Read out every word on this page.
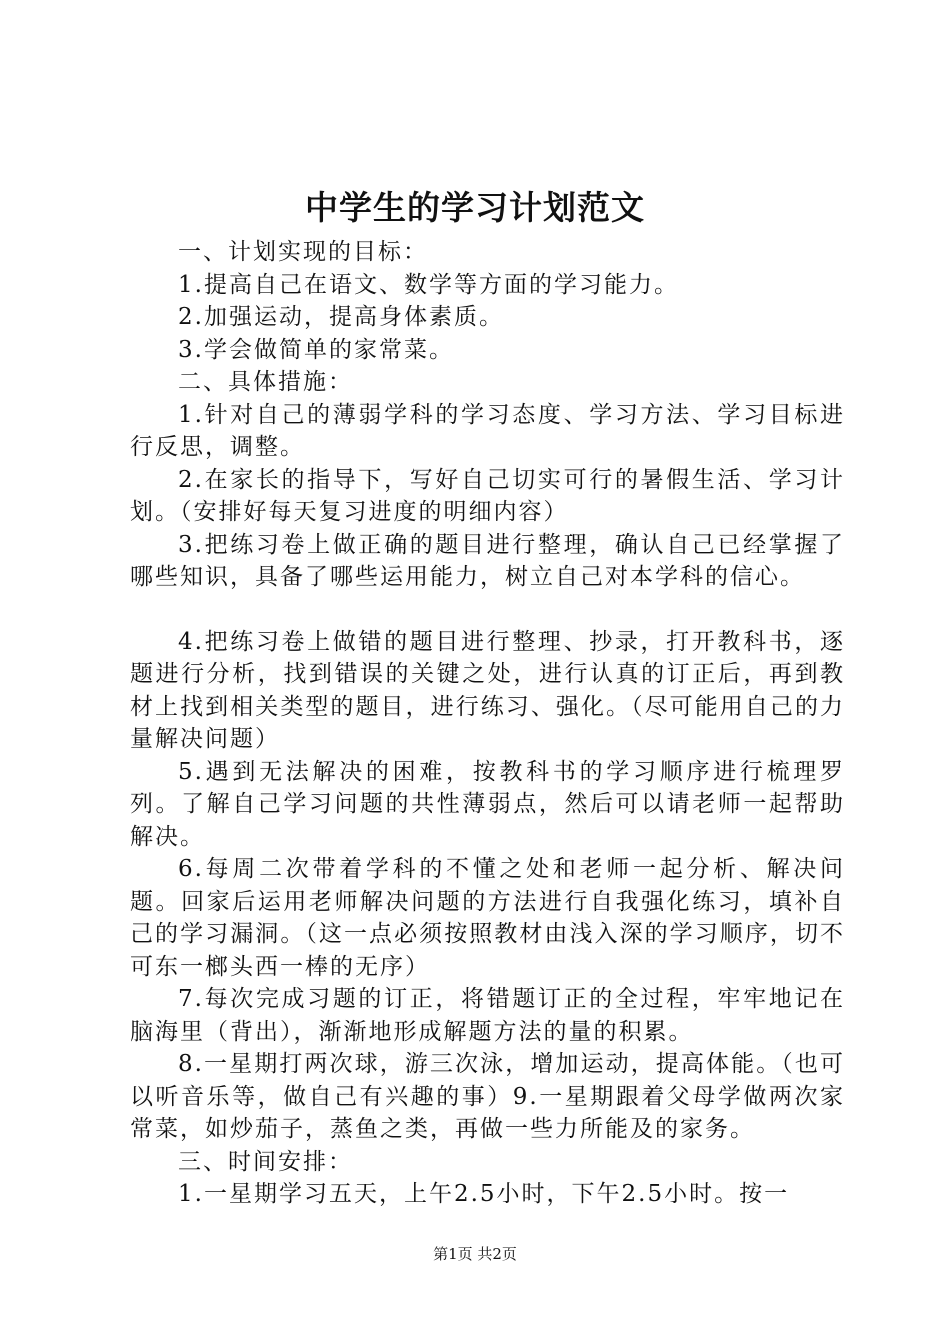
中学生的学习计划范文

一、计划实现的目标：

1.提高自己在语文、数学等方面的学习能力。

2.加强运动，提高身体素质。

3.学会做简单的家常菜。

二、具体措施：

1.针对自己的薄弱学科的学习态度、学习方法、学习目标进行反思，调整。

2.在家长的指导下，写好自己切实可行的暑假生活、学习计划。（安排好每天复习进度的明细内容）

3.把练习卷上做正确的题目进行整理，确认自己已经掌握了哪些知识，具备了哪些运用能力，树立自己对本学科的信心。

4.把练习卷上做错的题目进行整理、抄录，打开教科书，逐题进行分析，找到错误的关键之处，进行认真的订正后，再到教材上找到相关类型的题目，进行练习、强化。（尽可能用自己的力量解决问题）

5.遇到无法解决的困难，按教科书的学习顺序进行梳理罗列。了解自己学习问题的共性薄弱点，然后可以请老师一起帮助解决。

6.每周二次带着学科的不懂之处和老师一起分析、解决问题。回家后运用老师解决问题的方法进行自我强化练习，填补自己的学习漏洞。（这一点必须按照教材由浅入深的学习顺序，切不可东一榔头西一棒的无序）

7.每次完成习题的订正，将错题订正的全过程，牢牢地记在脑海里（背出），渐渐地形成解题方法的量的积累。

8.一星期打两次球，游三次泳，增加运动，提高体能。（也可以听音乐等，做自己有兴趣的事）9.一星期跟着父母学做两次家常菜，如炒茄子，蒸鱼之类，再做一些力所能及的家务。

三、时间安排：

1.一星期学习五天，上午2.5小时，下午2.5小时。按一

第1页 共2页
